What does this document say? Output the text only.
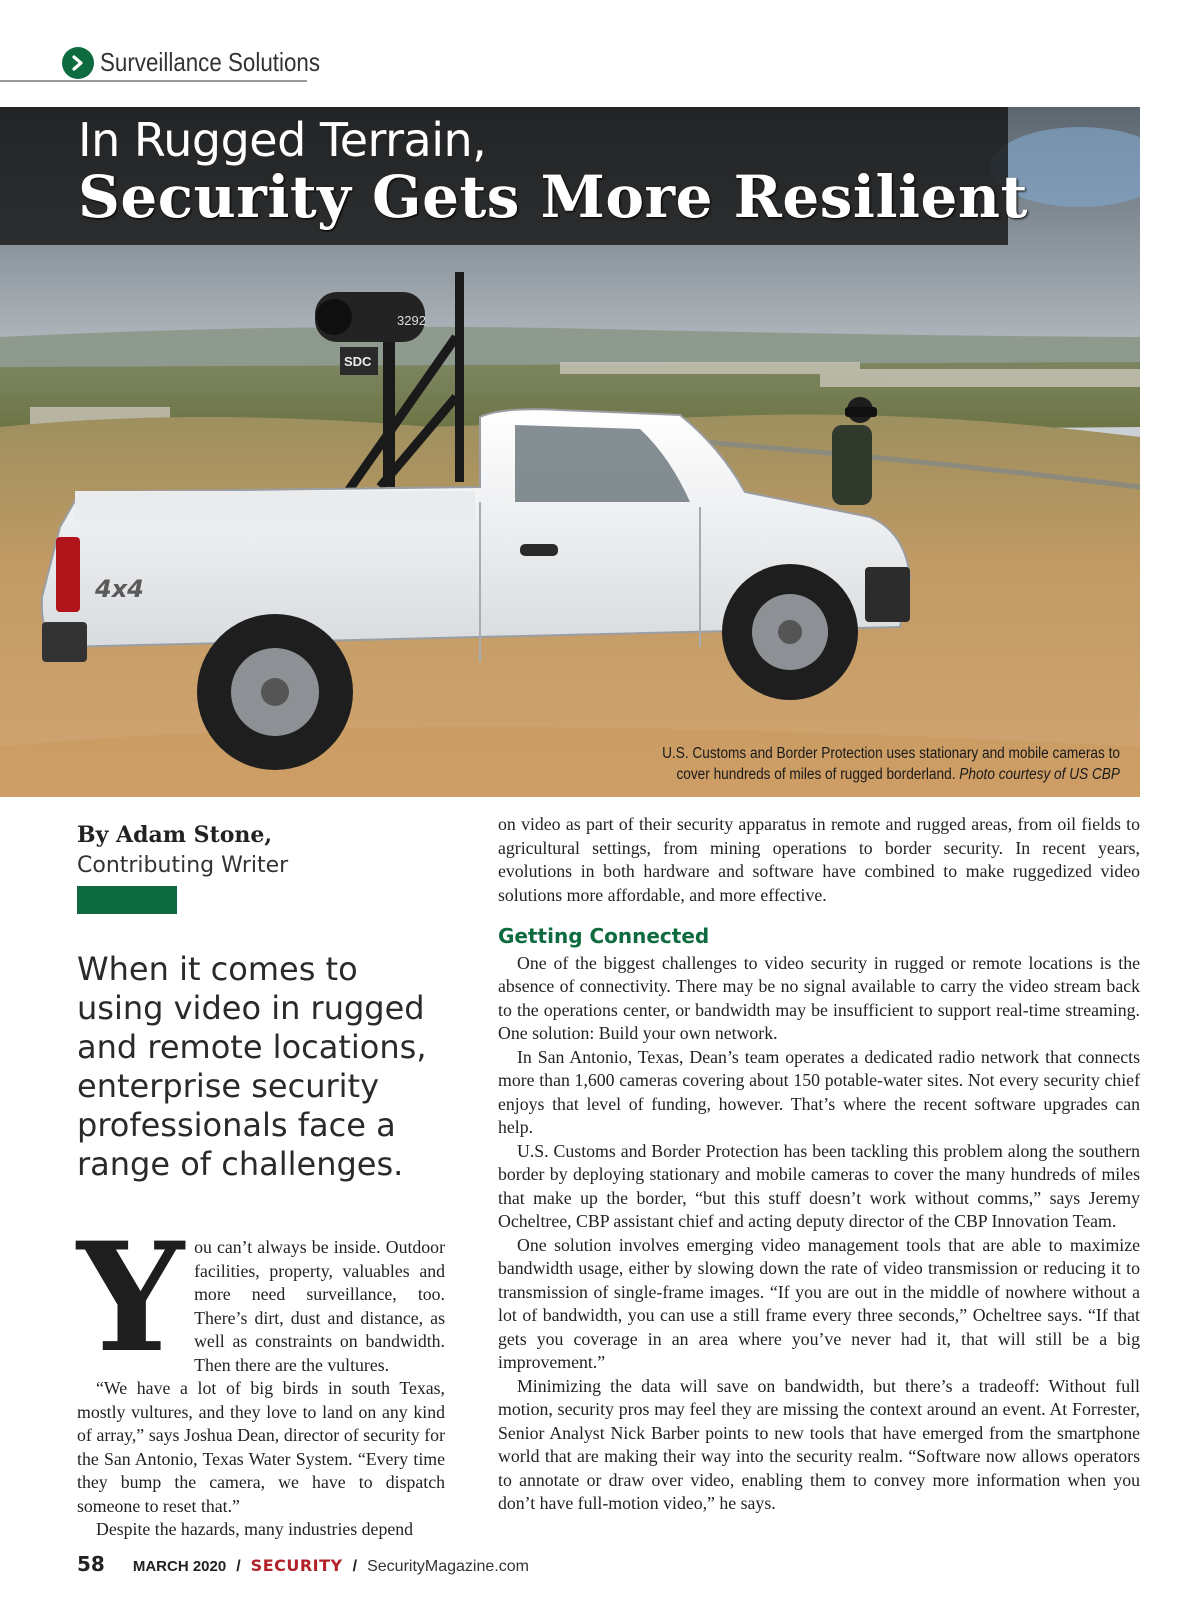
Surveillance Solutions
3292
SDC
4x4
In Rugged Terrain,
Security Gets More Resilient
U.S. Customs and Border Protection uses stationary and mobile cameras to cover hundreds of miles of rugged borderland. Photo courtesy of US CBP
By Adam Stone,
Contributing Writer
When it comes to using video in rugged and remote locations, enterprise security professionals face a range of challenges.

You can’t always be inside. Outdoor facilities, property, valuables and more need surveillance, too. There’s dirt, dust and distance, as well as constraints on bandwidth. Then there are the vultures.

“We have a lot of big birds in south Texas, mostly vultures, and they love to land on any kind of array,” says Joshua Dean, director of security for the San Antonio, Texas Water System. “Every time they bump the camera, we have to dispatch someone to reset that.”

Despite the hazards, many industries depend

on video as part of their security apparatus in remote and rugged areas, from oil fields to agricultural settings, from mining operations to border security. In recent years, evolutions in both hardware and software have combined to make ruggedized video solutions more affordable, and more effective.

Getting Connected

One of the biggest challenges to video security in rugged or remote locations is the absence of connectivity. There may be no signal available to carry the video stream back to the operations center, or bandwidth may be insufficient to support real-time streaming. One solution: Build your own network.

In San Antonio, Texas, Dean’s team operates a dedicated radio network that connects more than 1,600 cameras covering about 150 potable-water sites. Not every security chief enjoys that level of funding, however. That’s where the recent software upgrades can help.

U.S. Customs and Border Protection has been tackling this problem along the southern border by deploying stationary and mobile cameras to cover the many hundreds of miles that make up the border, “but this stuff doesn’t work without comms,” says Jeremy Ocheltree, CBP assistant chief and acting deputy director of the CBP Innovation Team.

One solution involves emerging video management tools that are able to maximize bandwidth usage, either by slowing down the rate of video transmission or reducing it to transmission of single-frame images. “If you are out in the middle of nowhere without a lot of bandwidth, you can use a still frame every three seconds,” Ocheltree says. “If that gets you coverage in an area where you’ve never had it, that will still be a big improvement.”

Minimizing the data will save on bandwidth, but there’s a tradeoff: Without full motion, security pros may feel they are missing the context around an event. At Forrester, Senior Analyst Nick Barber points to new tools that have emerged from the smartphone world that are making their way into the security realm. “Software now allows operators to annotate or draw over video, enabling them to convey more information when you don’t have full-motion video,” he says.

58 MARCH 2020 / SECURITY / SecurityMagazine.com
